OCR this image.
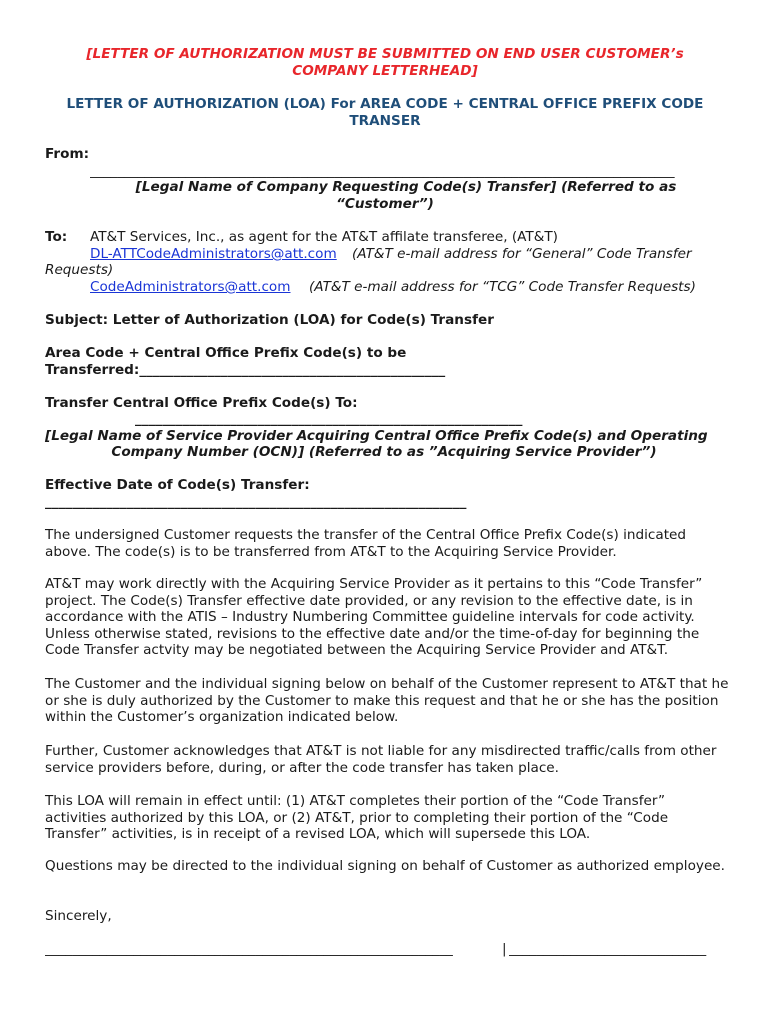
[LETTER OF AUTHORIZATION MUST BE SUBMITTED ON END USER CUSTOMER’s
COMPANY LETTERHEAD]
LETTER OF AUTHORIZATION (LOA) For AREA CODE + CENTRAL OFFICE PREFIX CODE
TRANSER
From:
______________________________________________________________________________________
[Legal Name of Company Requesting Code(s) Transfer] (Referred to as
“Customer”)
To: AT&T Services, Inc., as agent for the AT&T affilate transferee, (AT&T)
DL-ATTCodeAdministrators@att.com (AT&T e-mail address for “General” Code Transfer
Requests)
CodeAdministrators@att.com (AT&T e-mail address for “TCG” Code Transfer Requests)
Subject: Letter of Authorization (LOA) for Code(s) Transfer
Area Code + Central Office Prefix Code(s) to be
Transferred:_____________________________________________
Transfer Central Office Prefix Code(s) To:
_________________________________________________________
[Legal Name of Service Provider Acquiring Central Office Prefix Code(s) and Operating
Company Number (OCN)] (Referred to as ”Acquiring Service Provider”)
Effective Date of Code(s) Transfer:
______________________________________________________________
The undersigned Customer requests the transfer of the Central Office Prefix Code(s) indicated above. The code(s) is to be transferred from AT&T to the Acquiring Service Provider.
AT&T may work directly with the Acquiring Service Provider as it pertains to this “Code Transfer” project. The Code(s) Transfer effective date provided, or any revision to the effective date, is in accordance with the ATIS – Industry Numbering Committee guideline intervals for code activity. Unless otherwise stated, revisions to the effective date and/or the time-of-day for beginning the Code Transfer actvity may be negotiated between the Acquiring Service Provider and AT&T.
The Customer and the individual signing below on behalf of the Customer represent to AT&T that he or she is duly authorized by the Customer to make this request and that he or she has the position within the Customer’s organization indicated below.
Further, Customer acknowledges that AT&T is not liable for any misdirected traffic/calls from other service providers before, during, or after the code transfer has taken place.
This LOA will remain in effect until: (1) AT&T completes their portion of the “Code Transfer” activities authorized by this LOA, or (2) AT&T, prior to completing their portion of the “Code Transfer” activities, is in receipt of a revised LOA, which will supersede this LOA.
Questions may be directed to the individual signing on behalf of Customer as authorized employee.
Sincerely,
____________________________________________________________	| _____________________________
